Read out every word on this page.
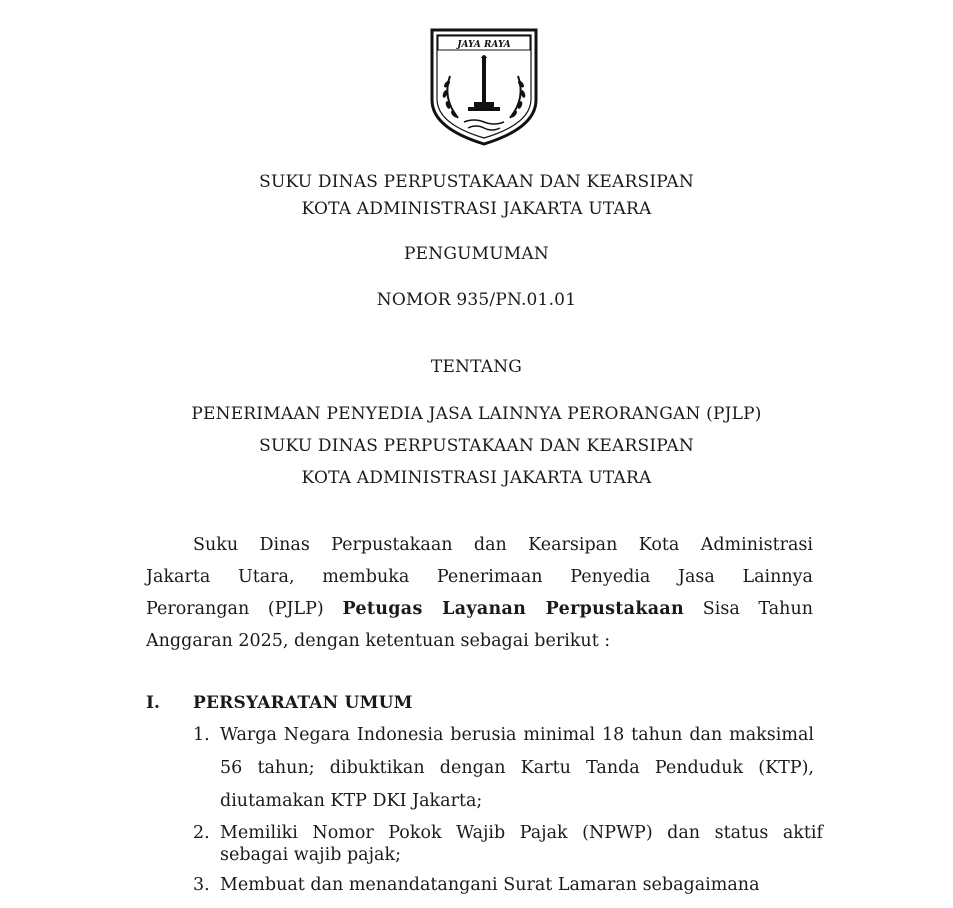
JAYA RAYA
SUKU DINAS PERPUSTAKAAN DAN KEARSIPAN
KOTA ADMINISTRASI JAKARTA UTARA
PENGUMUMAN
NOMOR 935/PN.01.01
TENTANG
PENERIMAAN PENYEDIA JASA LAINNYA PERORANGAN (PJLP)
SUKU DINAS PERPUSTAKAAN DAN KEARSIPAN
KOTA ADMINISTRASI JAKARTA UTARA
Suku Dinas Perpustakaan dan Kearsipan Kota Administrasi
Jakarta Utara, membuka Penerimaan Penyedia Jasa Lainnya
Perorangan (PJLP) Petugas Layanan Perpustakaan Sisa Tahun
Anggaran 2025, dengan ketentuan sebagai berikut :
I. PERSYARATAN UMUM
1. Warga Negara Indonesia berusia minimal 18 tahun dan maksimal
56 tahun; dibuktikan dengan Kartu Tanda Penduduk (KTP),
diutamakan KTP DKI Jakarta;
2. Memiliki Nomor Pokok Wajib Pajak (NPWP) dan status aktif
sebagai wajib pajak;
3. Membuat dan menandatangani Surat Lamaran sebagaimana
